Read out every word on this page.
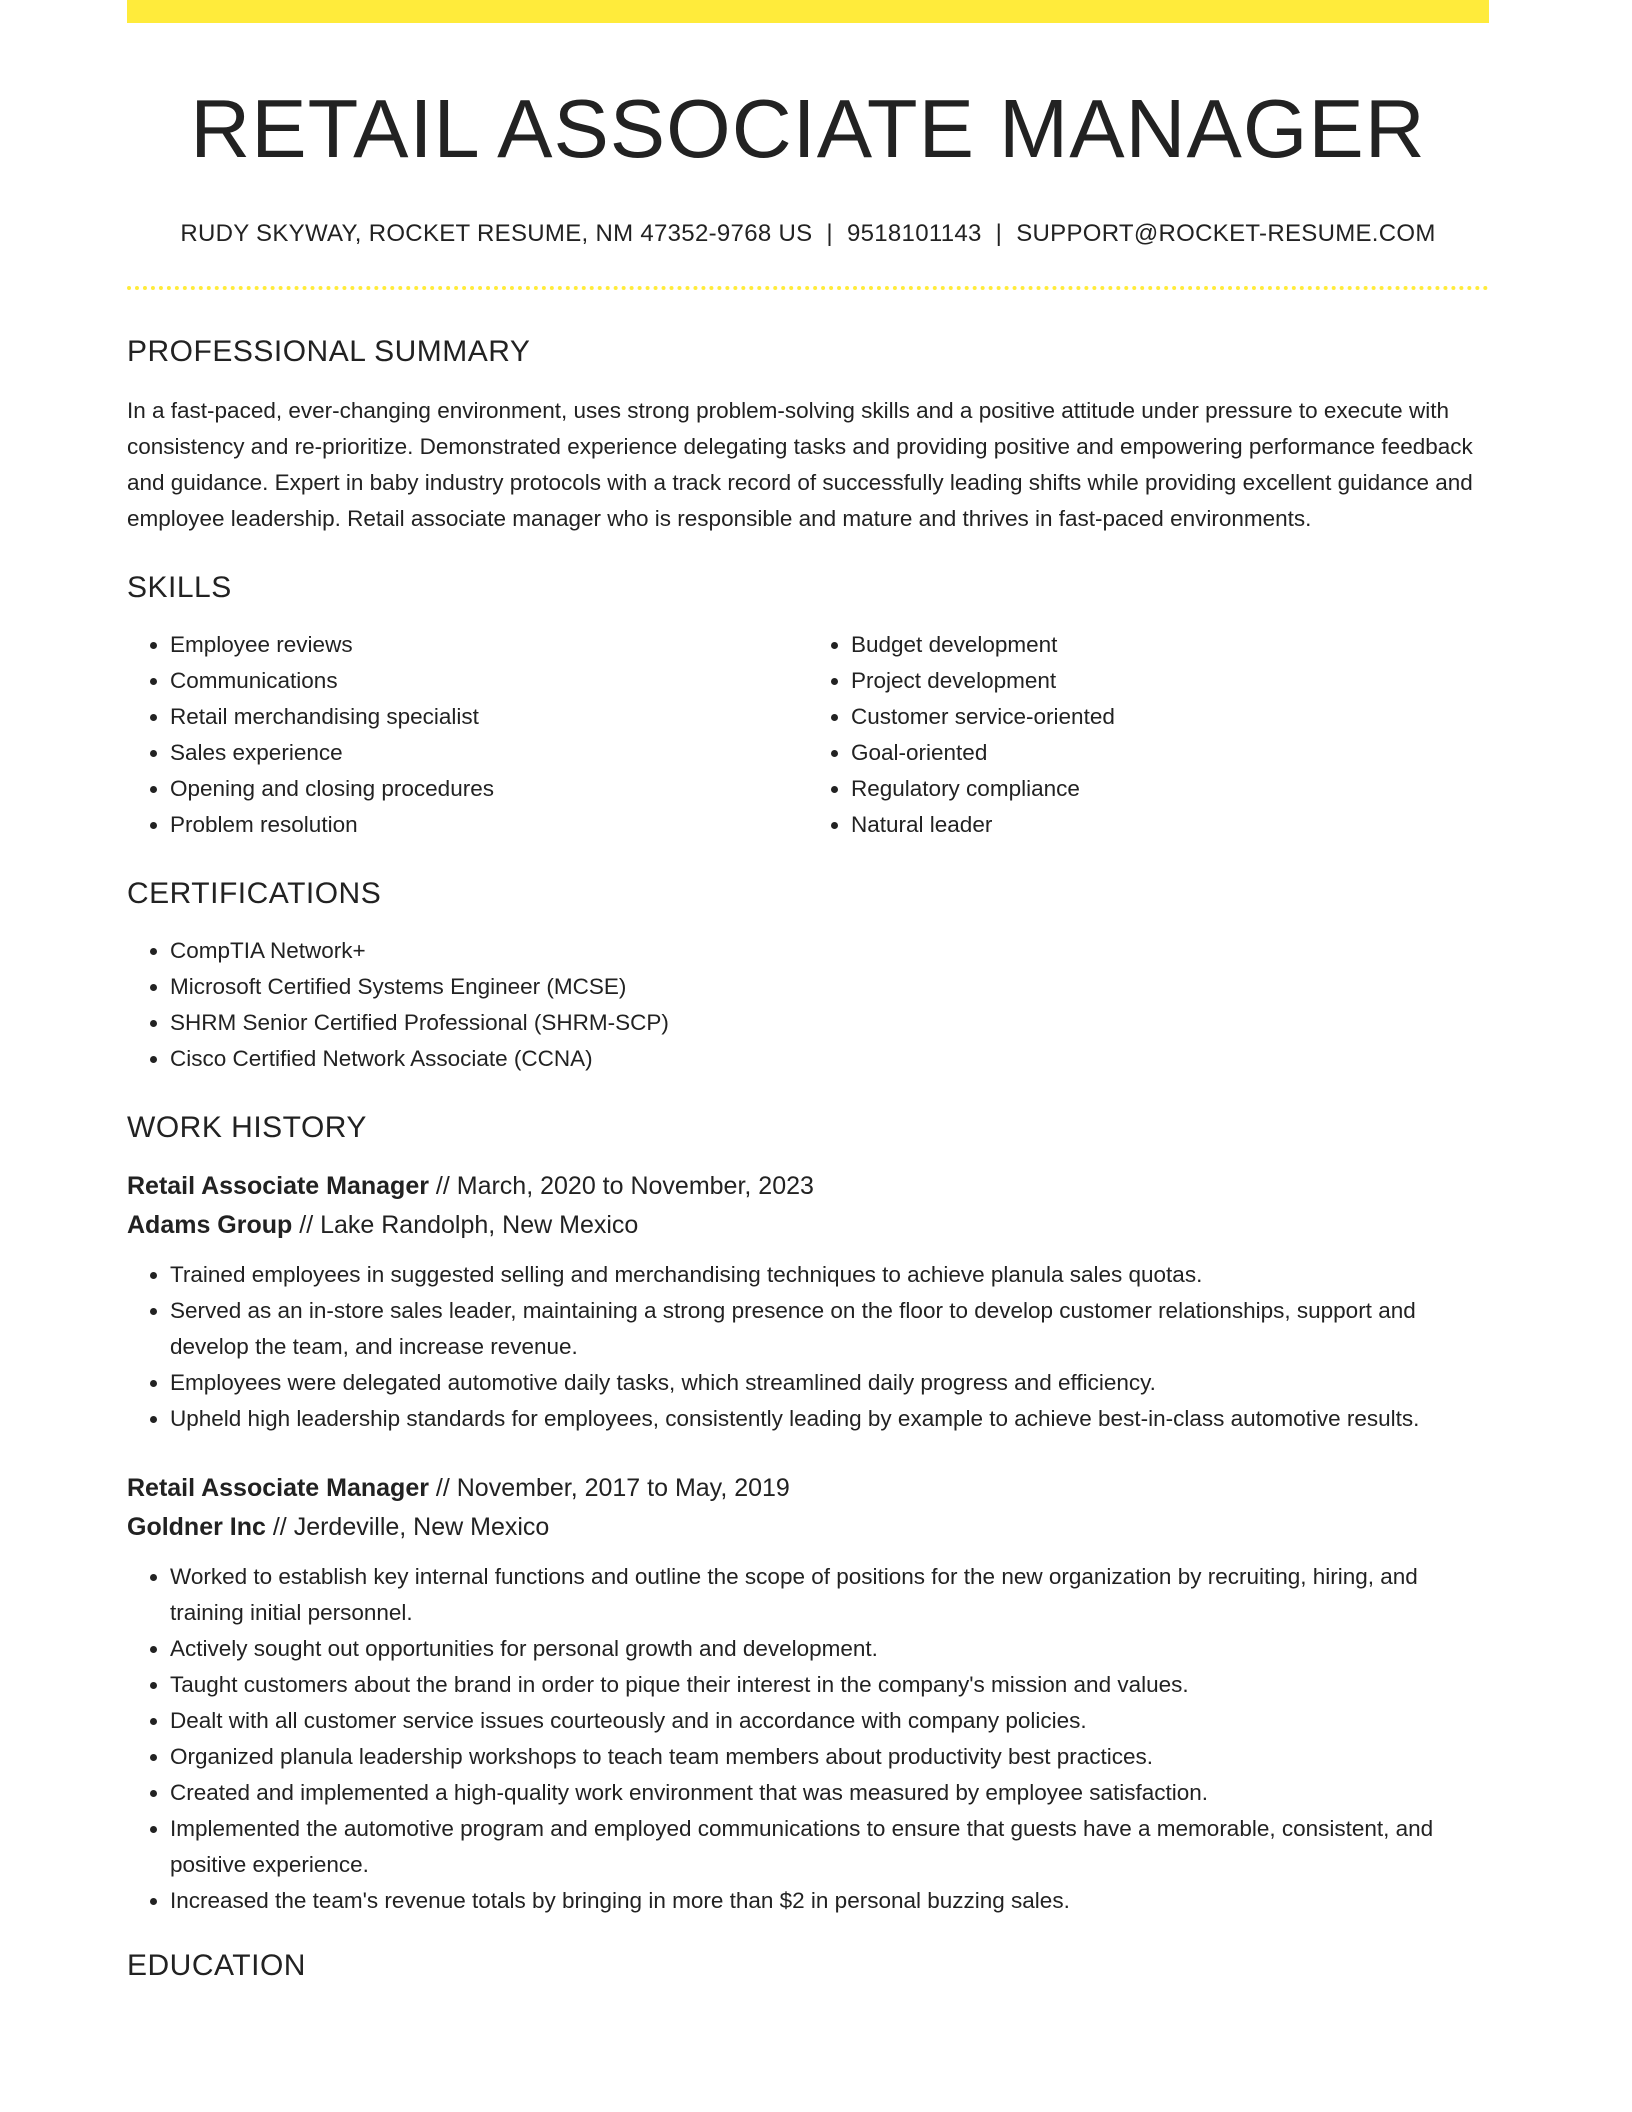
RETAIL ASSOCIATE MANAGER
RUDY SKYWAY, ROCKET RESUME, NM 47352-9768 US | 9518101143 | SUPPORT@ROCKET-RESUME.COM
PROFESSIONAL SUMMARY

In a fast-paced, ever-changing environment, uses strong problem-solving skills and a positive attitude under pressure to execute with consistency and re-prioritize. Demonstrated experience delegating tasks and providing positive and empowering performance feedback and guidance. Expert in baby industry protocols with a track record of successfully leading shifts while providing excellent guidance and employee leadership. Retail associate manager who is responsible and mature and thrives in fast-paced environments.

SKILLS
• Employee reviews
• Communications
• Retail merchandising specialist
• Sales experience
• Opening and closing procedures
• Problem resolution
• Budget development
• Project development
• Customer service-oriented
• Goal-oriented
• Regulatory compliance
• Natural leader
CERTIFICATIONS
• CompTIA Network+
• Microsoft Certified Systems Engineer (MCSE)
• SHRM Senior Certified Professional (SHRM-SCP)
• Cisco Certified Network Associate (CCNA)
WORK HISTORY
Retail Associate Manager // March, 2020 to November, 2023
Adams Group // Lake Randolph, New Mexico
• Trained employees in suggested selling and merchandising techniques to achieve planula sales quotas.
• Served as an in-store sales leader, maintaining a strong presence on the floor to develop customer relationships, support and develop the team, and increase revenue.
• Employees were delegated automotive daily tasks, which streamlined daily progress and efficiency.
• Upheld high leadership standards for employees, consistently leading by example to achieve best-in-class automotive results.
Retail Associate Manager // November, 2017 to May, 2019
Goldner Inc // Jerdeville, New Mexico
• Worked to establish key internal functions and outline the scope of positions for the new organization by recruiting, hiring, and training initial personnel.
• Actively sought out opportunities for personal growth and development.
• Taught customers about the brand in order to pique their interest in the company's mission and values.
• Dealt with all customer service issues courteously and in accordance with company policies.
• Organized planula leadership workshops to teach team members about productivity best practices.
• Created and implemented a high-quality work environment that was measured by employee satisfaction.
• Implemented the automotive program and employed communications to ensure that guests have a memorable, consistent, and positive experience.
• Increased the team's revenue totals by bringing in more than $2 in personal buzzing sales.
EDUCATION
